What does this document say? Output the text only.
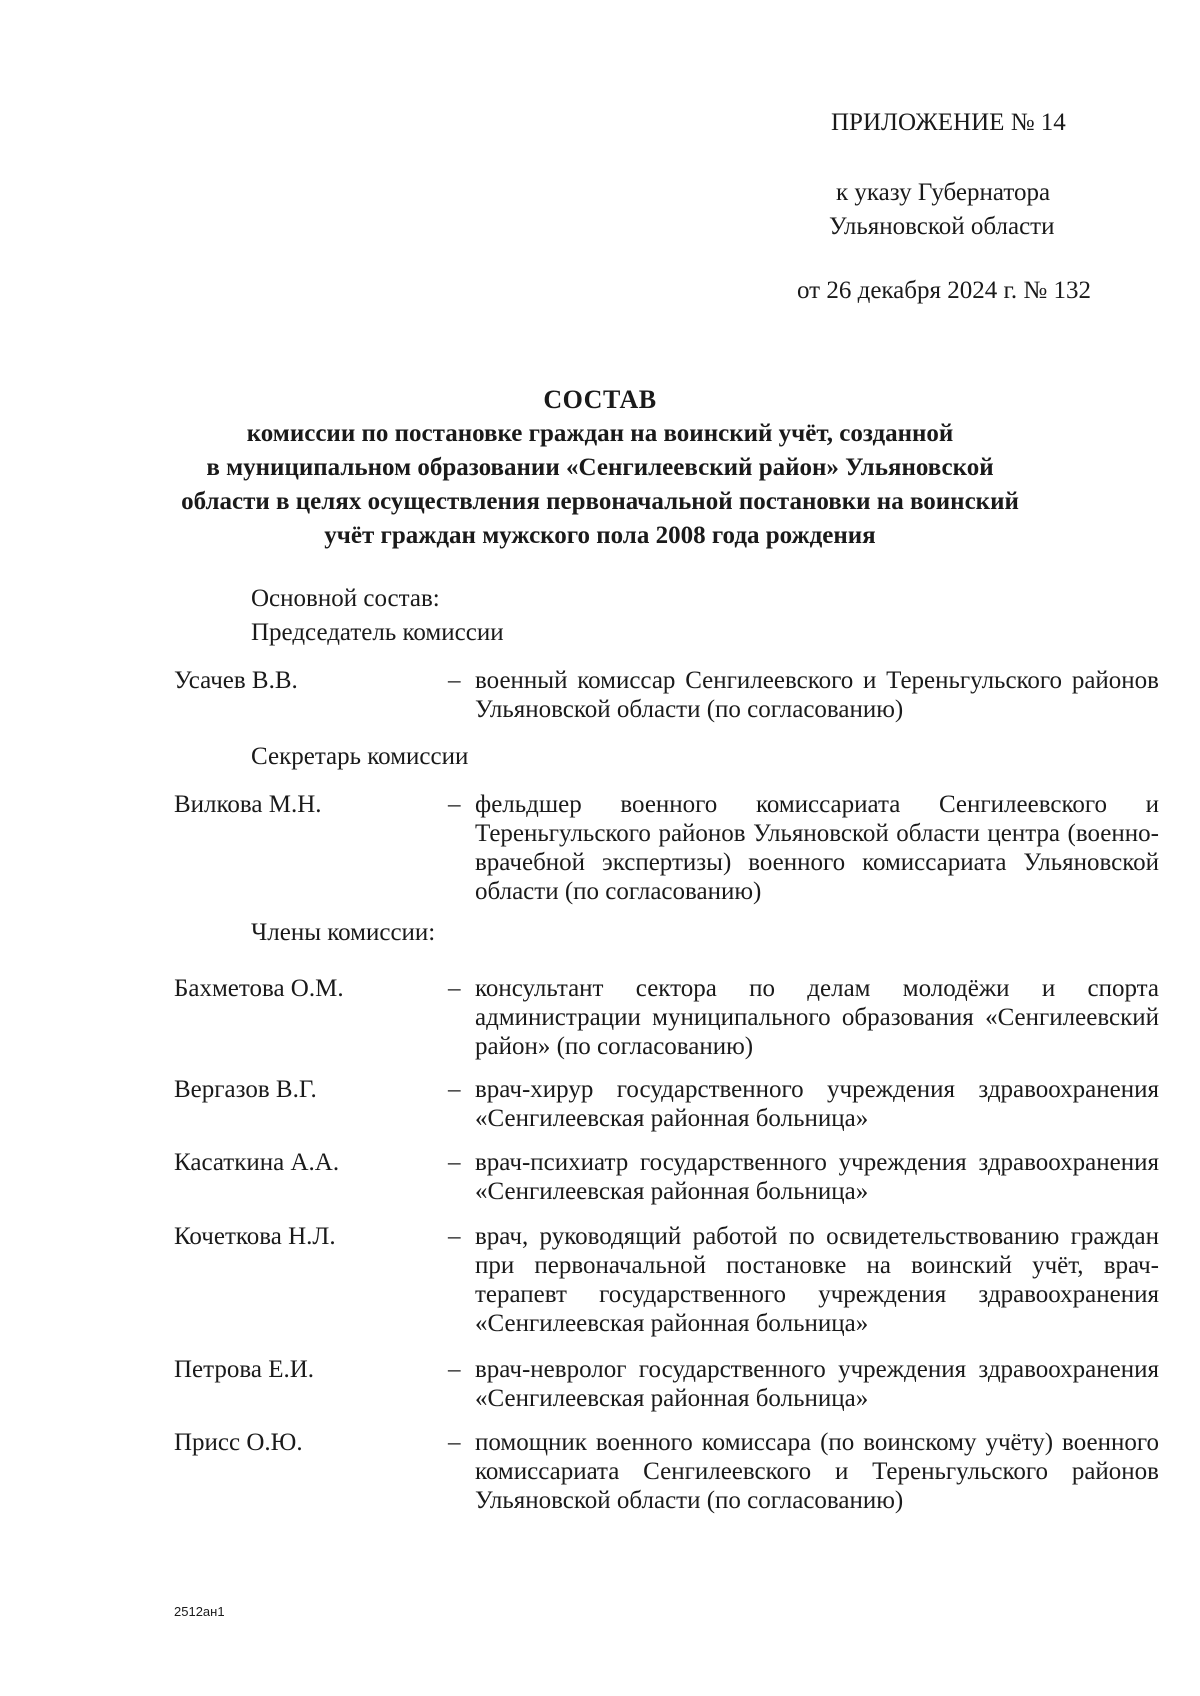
ПРИЛОЖЕНИЕ № 14
к указу Губернатора
Ульяновской области
от 26 декабря 2024 г. № 132
СОСТАВ
комиссии по постановке граждан на воинский учёт, созданной
в муниципальном образовании «Сенгилеевский район» Ульяновской
области в целях осуществления первоначальной постановки на воинский
учёт граждан мужского пола 2008 года рождения
Основной состав:
Председатель комиссии
Усачев В.В.	– военный комиссар Сенгилеевского и Тереньгульского районов Ульяновской области (по согласованию)
Секретарь комиссии
Вилкова М.Н.	– фельдшер военного комиссариата Сенгилеевского и Тереньгульского районов Ульяновской области центра (военно-врачебной экспертизы) военного комиссариата Ульяновской области (по согласованию)
Члены комиссии:
Бахметова О.М.	– консультант сектора по делам молодёжи и спорта администрации муниципального образования «Сенгилеевский район» (по согласованию)
Вергазов В.Г.	– врач-хирур государственного учреждения здравоохранения «Сенгилеевская районная больница»
Касаткина А.А.	– врач-психиатр государственного учреждения здравоохранения «Сенгилеевская районная больница»
Кочеткова Н.Л.	– врач, руководящий работой по освидетельствованию граждан при первоначальной постановке на воинский учёт, врач-терапевт государственного учреждения здравоохранения «Сенгилеевская районная больница»
Петрова Е.И.	– врач-невролог государственного учреждения здравоохранения «Сенгилеевская районная больница»
Присс О.Ю.	– помощник военного комиссара (по воинскому учёту) военного комиссариата Сенгилеевского и Тереньгульского районов Ульяновской области (по согласованию)
2512ан1
